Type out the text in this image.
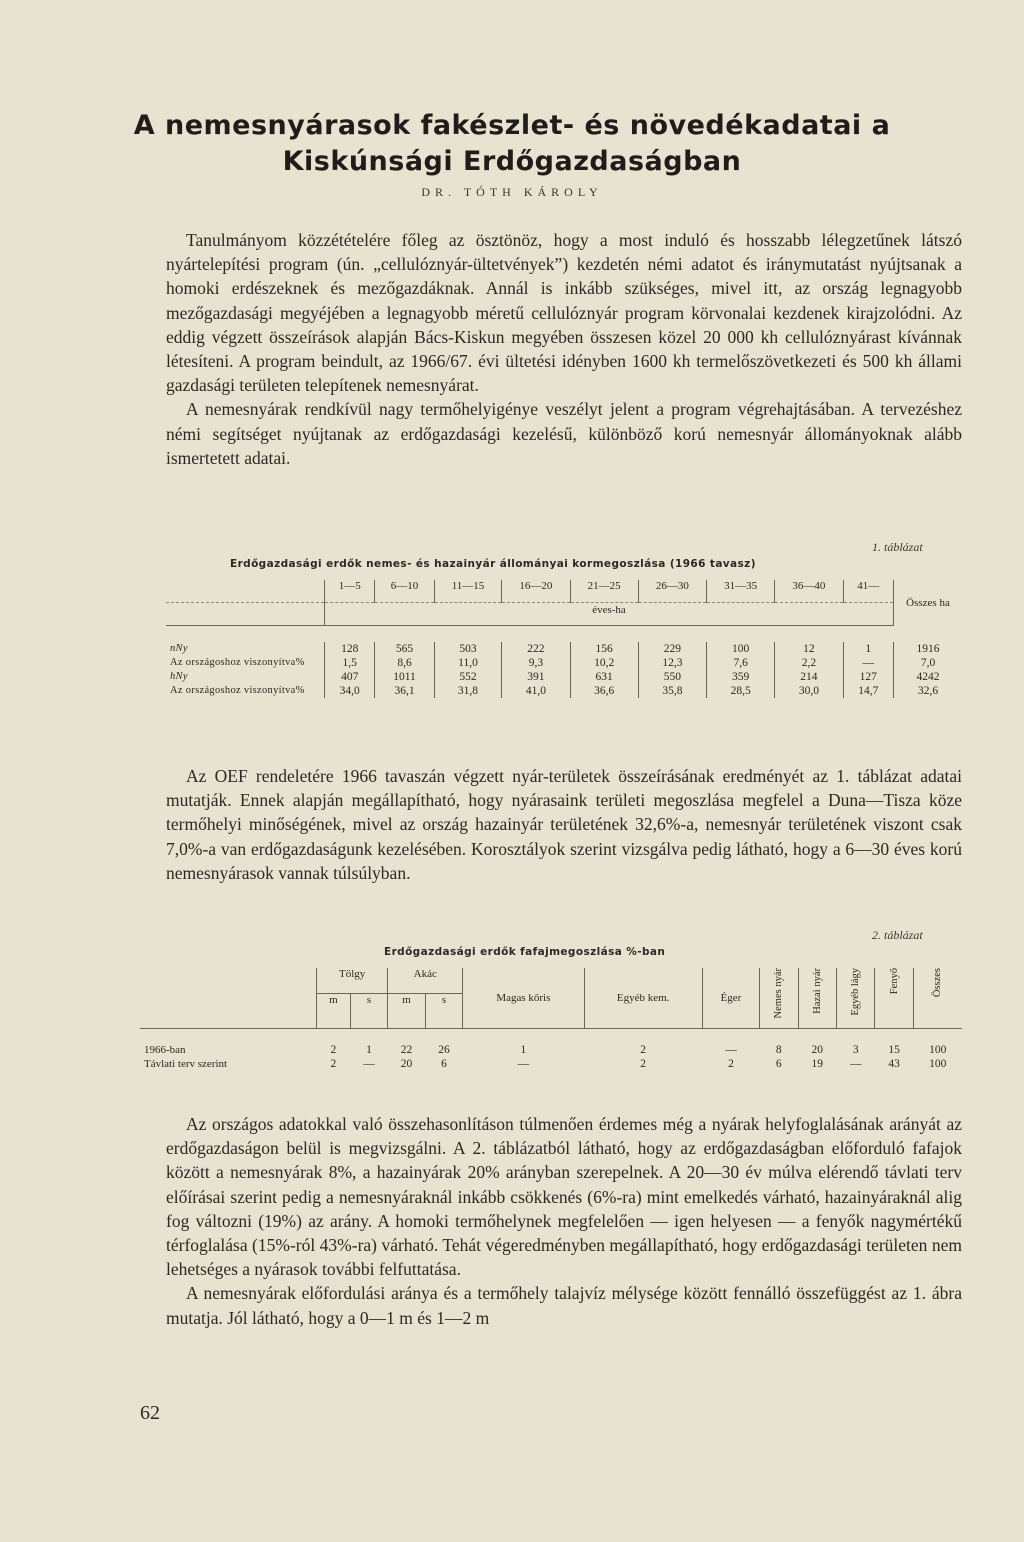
A nemesnyárasok fakészlet- és növedékadatai a
Kiskúnsági Erdőgazdaságban
DR. TÓTH KÁROLY

Tanulmányom közzétételére főleg az ösztönöz, hogy a most induló és hosszabb lélegzetűnek látszó nyártelepítési program (ún. „cellulóznyár-ültetvények”) kezdetén némi adatot és iránymutatást nyújtsanak a homoki erdészeknek és mezőgazdáknak. Annál is inkább szükséges, mivel itt, az ország legnagyobb mezőgazdasági megyéjében a legnagyobb méretű cellulóznyár program körvonalai kezdenek kirajzolódni. Az eddig végzett összeírások alapján Bács-Kiskun megyében összesen közel 20 000 kh cellulóznyárast kívánnak létesíteni. A program beindult, az 1966/67. évi ültetési idényben 1600 kh termelőszövetkezeti és 500 kh állami gazdasági területen telepítenek nemesnyárat.

A nemesnyárak rendkívül nagy termőhelyigénye veszélyt jelent a program végrehajtásában. A tervezéshez némi segítséget nyújtanak az erdőgazdasági kezelésű, különböző korú nemesnyár állományoknak alább ismertetett adatai.

1. táblázat
Erdőgazdasági erdők nemes- és hazainyár állományai kormegoszlása (1966 tavasz)
	1—5	6—10	11—15	16—20	21—25	26—30	31—35	36—40	41—	Összes ha
	éves-ha									

nNy	128	565	503	222	156	229	100	12	1	1916
Az országoshoz viszonyítva%	1,5	8,6	11,0	9,3	10,2	12,3	7,6	2,2	—	7,0
hNy	407	1011	552	391	631	550	359	214	127	4242
Az országoshoz viszonyítva%	34,0	36,1	31,8	41,0	36,6	35,8	28,5	30,0	14,7	32,6

Az OEF rendeletére 1966 tavaszán végzett nyár-területek összeírásának eredményét az 1. táblázat adatai mutatják. Ennek alapján megállapítható, hogy nyárasaink területi megoszlása megfelel a Duna—Tisza köze termőhelyi minőségének, mivel az ország hazainyár területének 32,6%-a, nemesnyár területének viszont csak 7,0%-a van erdőgazdaságunk kezelésében. Korosztályok szerint vizsgálva pedig látható, hogy a 6—30 éves korú nemesnyárasok vannak túlsúlyban.

2. táblázat
Erdőgazdasági erdők fafajmegoszlása %-ban
	Tölgy		Akác		Magas kőris	Egyéb kem.	Éger	Nemes nyár	Hazai nyár	Egyéb lágy	Fenyő	Összes
	m	s	m	s								

1966-ban	2	1	22	26	1	2	—	8	20	3	15	100
Távlati terv szerint	2	—	20	6	—	2	2	6	19	—	43	100

Az országos adatokkal való összehasonlításon túlmenően érdemes még a nyárak helyfoglalásának arányát az erdőgazdaságon belül is megvizsgálni. A 2. táblázatból látható, hogy az erdőgazdaságban előforduló fafajok között a nemesnyárak 8%, a hazainyárak 20% arányban szerepelnek. A 20—30 év múlva elérendő távlati terv előírásai szerint pedig a nemesnyáraknál inkább csökkenés (6%-ra) mint emelkedés várható, hazainyáraknál alig fog változni (19%) az arány. A homoki termőhelynek megfelelően — igen helyesen — a fenyők nagymértékű térfoglalása (15%-ról 43%-ra) várható. Tehát végeredményben megállapítható, hogy erdőgazdasági területen nem lehetséges a nyárasok további felfuttatása.

A nemesnyárak előfordulási aránya és a termőhely talajvíz mélysége között fennálló összefüggést az 1. ábra mutatja. Jól látható, hogy a 0—1 m és 1—2 m

62
